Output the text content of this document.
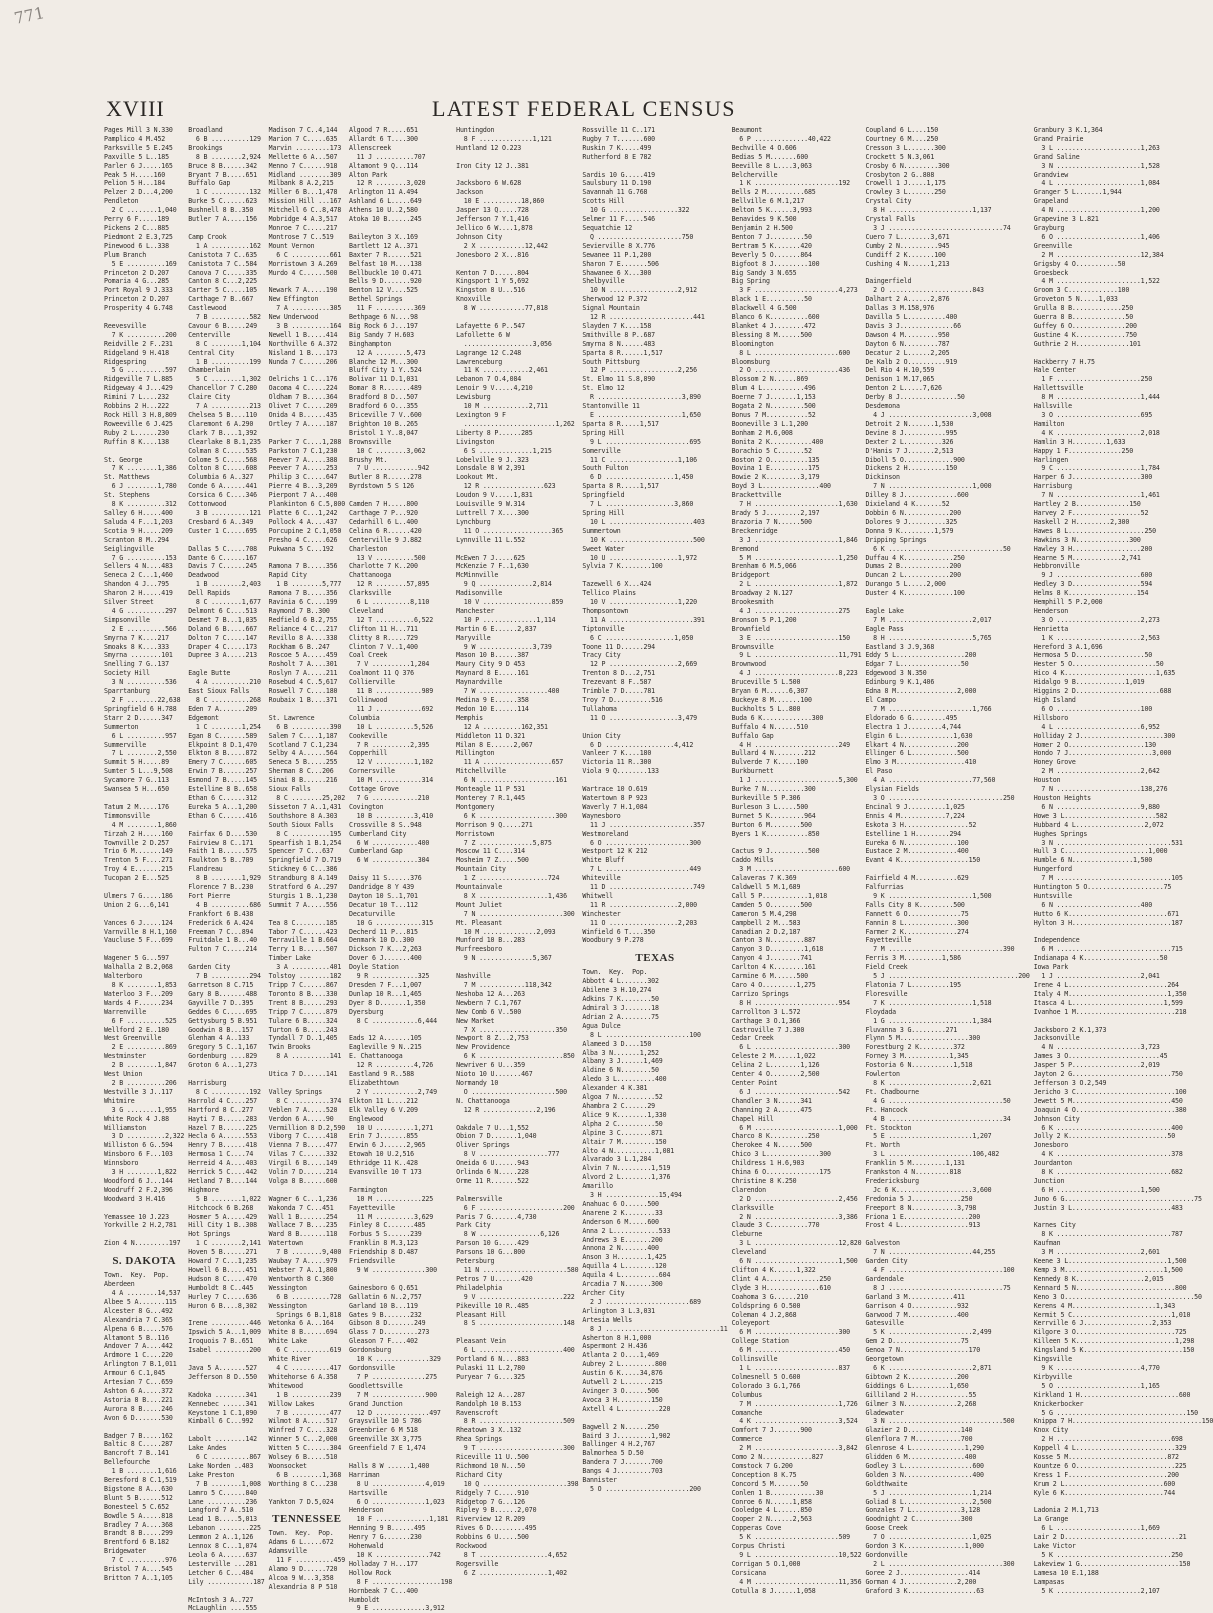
771
XVIII	LATEST FEDERAL CENSUS
Pages Mill 3 N.330
Pamplico 4 M.452
Parksville 5 E.245
Paxville 5 L..185
Parler 6 J.....165
Peak 5 H.....160
Pelion 5 H...184
Pelzer 2 D...4,200
Pendleton
2 C ........1,040
Perry 6 F.....189
Pickens 2 C...885
Piedmont 2 E.3,725
Pinewood 6 L..338
Plum Branch
5 E ..........169
Princeton 2 D.207
Pomaria 4 G...285
Port Royal 9 J.333
Princeton 2 D.207
Prosperity 4 G.748

Reevesville
7 K ..........200
Reidville 2 F..231
Ridgeland 9 H.418
Ridgespring
5 G ..........597
Ridgeville 7 L.885
Ridgeway 4 J...429
Rimini 7 L....232
Robbins 2 H...222
Rock Hill 3 H.8,809
Roweeville 6 J.425
Ruby 2 L......230
Ruffin 8 K....138

St. George
7 K ........1,386
St. Matthews
6 J ........1,780
St. Stephens
8 K ..........312
Salley 6 H.....400
Saluda 4 F...1,203
Scotia 9 H.....209
Scranton 8 M..294
Seiglingville
7 G ..........153
Sellers 4 N....483
Seneca 2 C...1,460
Shandon 4 J...795
Sharon 2 H.....419
Silver Street
4 G ..........297
Simpsonville
2 E ..........566
Smyrna 7 K....217
Smoaks 8 K....333
Smyrna ........101
Snelling 7 G..137
Society Hill
3 N ..........536
Sparrtanburg
2 F ........22,638
Springfield 6 H.788
Starr 2 D......347
Summerton
6 L ..........957
Summerville
7 L ........2,550
Summit 5 H.....89
Sumter 5 L...9,508
Sycamore 7 G..113
Swansea 5 H...650

Tatum 2 M.....176
Timmonsville
4 M ........1,860
Tirzah 2 H.....160
Townville 2 D.257
Trio 6 M.......149
Trenton 5 F....271
Troy 4 E.......215
Tucopan 2 E...525

Ulmers 7 G.....186
Union 2 G...6,141

Vances 6 J.....124
Varnville 8 H.1,160
Vaucluse 5 F...699

Wagener 5 G...597
Walhalla 2 B.2,068
Walterboro
8 K ........1,853
Waterloo 3 F...209
Wards 4 F......234
Warrenville
6 F ..........525
Wellford 2 E..180
West Greenville
2 E ..........869
Westminster
2 B ........1,847
West Union
2 B ..........206
Westville 3 J..117
Whitmire
3 G ........1,955
White Rock 4 J.88
Williamston
3 D ..........2,322
Williston 6 G..594
Winsboro 6 F...103
Winnsboro
3 H ........1,822
Woodford 6 J...144
Woodruff 2 F.2,396
Woodward 3 H.416

Yemassee 10 J.223
Yorkville 2 H.2,781

Zion 4 N.........197
S. DAKOTA
Town.  Key.  Pop.
Aberdeen
4 A ........14,537
Albee 5 A.......115
Alcester 8 G...492
Alexandria 7 C.365
Alpena 6 B.....576
Altamont 5 B..116
Andover 7 A....442
Ardmore 1 C....220
Arlington 7 B.1,011
Armour 6 C.1,045
Artesian 7 C...659
Ashton 6 A.....372
Astoria 8 B....221
Aurora 8 B.....246
Avon 6 D.......530

Badger 7 B.....162
Baltic 8 C.....287
Bancroft 7 B..141
Bellefourche
1 B ........1,616
Beresford 8 C.1,519
Bigstone 8 A...630
Blunt 5 B......512
Bonesteel 5 C.652
Bowdle 5 A.....818
Bradley 7 A....368
Brandt 8 B.....299
Brentford 6 B.182
Bridgewater
7 C ..........976
Bristol 7 A....545
Britton 7 A..1,105
Broadland
6 B ..........129
Brookings
8 B ........2,924
Bruce 8 B......342
Bryant 7 B.....651
Buffalo Gap
1 C ..........132
Burke 5 C......623
Bushnell 8 B..350
Butler 7 A.....156

Camp Crook
1 A ..........162
Canistota 7 C..635
Canistota 7 C..584
Canova 7 C.....335
Canton 8 C...2,225
Carter 5 C.....105
Carthage 7 B..667
Castlewood
7 B ..........582
Cavour 6 B.....249
Centerville
8 C ........1,104
Central City
1 B ..........199
Chamberlain
5 C ........1,302
Chancellor 7 C.280
Claire City
7 A ..........213
Chelsea 5 B....110
Claremont 6 A.290
Clark 7 B....1,392
Clearlake 8 B.1,235
Colman 8 C.....535
Colome 5 C.....568
Colton 8 C.....608
Columbia 6 A..327
Conde 6 A......441
Corsica 6 C....346
Cottonwood
3 B ..........121
Cresbard 6 A..349
Custer 1 C.....695

Dallas 5 C.....708
Dante 6 C......167
Davis 7 C......245
Deadwood
1 B ........2,403
Dell Rapids
8 C ........1,677
Delmont 6 C....513
Desmet 7 B...1,035
Doland 6 B.....667
Dolton 7 C.....147
Draper 4 C.....173
Dupree 3 A.....213

Eagle Butte
4 A ..........210
East Sioux Falls
8 C ..........268
Eden 7 A.......209
Edgemont
1 C ........1,254
Egan 8 C.......589
Elkpoint 8 D.1,470
Elkton 8 B.....872
Emery 7 C......605
Erwin 7 B......257
Esmond 7 B.....145
Estelline 8 B..658
Ethan 6 C......312
Eureka 5 A...1,200
Ethan 6 C......416

Fairfax 6 D....530
Fairview 8 C..171
Faith 1 B......575
Faulkton 5 B..709
Flandreau
8 B ........1,929
Florence 7 B..230
Fort Pierre
4 B ..........686
Frankfort 6 B.438
Frederick 6 A.424
Freeman 7 C...894
Fruitdale 1 B...40
Fulton 7 C.....214

Garden City
7 B ..........294
Garretson 8 C.715
Gary 8 B.......488
Gayville 7 D..395
Geddes 6 C.....695
Gettysburg 5 B.951
Goodwin 8 B...157
Glenham 4 A..133
Gregory 5 C..1,167
Gordenburg ....829
Groton 6 A...1,273

Harrisburg
8 C ..........192
Harrold 4 C....257
Hartford 8 C..277
Hayti 7 B......283
Hazel 7 B......225
Hecla 6 A......553
Henry 7 B......418
Hermosa 1 C....74
Herreid 4 A....403
Herrick 5 C....442
Hetland 7 B....144
Highmore
5 B ........1,022
Hitchcock 6 B.268
Hosmer 5 A.....429
Hill City 1 B..308
Hot Springs
1 C ........2,141
Hoven 5 B......271
Howard 7 C...1,235
Howell 6 B.....451
Hudson 8 C.....470
Humboldt 8 C..445
Hurley 7 C.....636
Huron 6 B....8,302

Irene ..........446
Ipswich 5 A...1,009
Iroquois 7 B..651
Isabel .........200

Java 5 A.......527
Jefferson 8 D..550

Kadoka ........341
Kennebec ......341
Keystone 1 C.1,890
Kimball 6 C...992

Labolt ........142
Lake Andes
6 C ..........867
Lake Norden ..403
Lake Preston
7 B ........1,008
Lamro 5 C......840
Lane ..........236
Langford 7 A..510
Lead 1 B.....5,013
Lebanon ........225
Lemmon 2 A..1,126
Lennox 8 C...1,074
Leola 6 A......637
Lesterville ...281
Letcher 6 C...484
Lily ............187

McIntosh 3 A..727
McLaughlin ....555
Madison 7 C..4,144
Marion 7 C.....635
Marvin .........173
Mellette 6 A...507
Menno 7 C......918
Midland ........309
Milbank 8 A.2,215
Miller 6 B...1,478
Mission Hill ...167
Mitchell 6 C..8,478
Mobridge 4 A.3,517
Monroe 7 C.....217
Montrose 7 C..519
Mount Vernon
6 C ..........661
Morristown 3 A.269
Murdo 4 C......500

Newark 7 A.....190
New Effington
7 A ..........305
New Underwood
3 B ..........164
Newell 1 B.....414
Northville 6 A.372
Nisland 1 B....173
Nunda 7 C......206

Oelrichs 1 C...176
Oacoma 4 C.....224
Oldham 7 B.....364
Olivet 7 C.....209
Onida 4 B......435
Ortley 7 A.....187

Parker 7 C....1,288
Parkston 7 C.1,230
Peever 7 A.....388
Peever 7 A.....253
Philip 3 C.....647
Pierre 4 B...3,209
Pierpont 7 A...400
Plankinton 6 C.5,800
Platte 6 C...1,242
Pollock 4 A....437
Porcupine 2 C.1,050
Presho 4 C.....626
Pukwana 5 C...192

Ramona 7 B.....356
Rapid City
1 B ........5,777
Ramona 7 B.....356
Ravinia 6 C....199
Raymond 7 B..300
Redfield 6 B.2,755
Reliance 4 C...217
Revillo 8 A....338
Rockham 6 B..247
Roscoe 5 A.....459
Rosholt 7 A....301
Roslyn 7 A.....211
Rosebud 4 C..5,617
Roswell 7 C....180
Roubaix 1 B....371

St. Lawrence
6 B ..........390
Salem 7 C....1,187
Scotland 7 C.1,234
Selby 4 A......564
Seneca 5 B.....255
Sherman 8 C...206
Sinai 8 B......216
Sioux Falls
8 C ........25,202
Sisseton 7 A..1,431
Southshore 8 A.303
South Sioux Falls
8 C ..........195
Spearfish 1 B.1,254
Spencer 7 C...637
Springfield 7 D.719
Stickney 6 C...386
Strandburg 8 A.149
Stratford 6 A..297
Sturgis 1 B..1,230
Summit 7 A.....556

Tea 8 C........185
Tabor 7 C......423
Terraville 1 B.664
Terry 1 B......507
Timber Lake
3 A ..........401
Tolstoy ........182
Tripp 7 C......867
Toronto 8 B....330
Trent 8 B......293
Tripp 7 C......879
Tulare 6 B.....324
Turton 6 B.....243
Tyndall 7 D..1,405
Twin Brooks
8 A ..........141

Utica 7 D......141

Valley Springs
8 C ..........374
Veblen 7 A.....520
Verdon 6 A.....90
Vermillion 8 D.2,590
Viborg 7 C.....418
Vienna 7 B.....477
Vilas 7 C......332
Virgil 6 B.....149
Volin 7 D......214
Volga 8 B......600

Wagner 6 C...1,236
Wakonda 7 C...451
Wall 1 B.......254
Wallace 7 B....235
Ward 8 B.......118
Watertown
7 B ........9,400
Waubay 7 A.....979
Webster 7 A..1,800
Wentworth 8 C.360
Wessington
6 B ..........728
Wessington
Springs 6 B.1,818
Wetonka 6 A...164
White 8 B......694
White Lake
6 C ..........619
White River
4 C ..........417
Whitehorse 6 A.358
Whitewood
1 B ..........239
Willow Lakes
7 B ..........477
Wilmot 8 A.....517
Winfred 7 C....328
Winner 5 C...2,000
Witten 5 C......304
Wolsey 6 B.....510
Woonsocket
6 B ........1,368
Worthing 8 C...238

Yankton 7 D.5,024
TENNESSEE
Town.  Key.  Pop.
Adams 6 L.....672
Adamsville
11 F ..........459
Alamo 9 D......720
Alcoa 9 W...3,358
Alexandria 8 P 510
Algood 7 R.....651
Allardt 6 T....300
Allenscreek
11 J ..........707
Altamont 9 Q...114
Alton Park
12 R ........3,020
Arlington 11 A.494
Ashland 6 L.....649
Athens 10 U..2,580
Atoka 10 B......245

Baileyton 3 X..169
Bartlett 12 A..371
Baxter 7 R......521
Belfast 10 M....138
Bellbuckle 10 O.471
Bells 9 D.......920
Benton 12 V....525
Bethel Springs
11 F ..........369
Bethpage 6 N....98
Big Rock 6 J...197
Big Sandy 7 H.603
Binghampton
12 A ........5,473
Blanche 12 M...300
Bluff City 1 Y..524
Bolivar 11 D.1,031
Bomar 8 R.......489
Bradford 8 D...507
Bradford 6 O...355
Briceville 7 V..600
Brighton 10 B..265
Bristol 1 Y..8,047
Brownsville
10 C ........3,062
Brushy Mt.
7 U ............942
Butler 8 R......278
Byrdstown 5 S 126

Camden 7 H.....800
Carthage 7 P...920
Cedarhill 6 L..400
Celina 6 R......420
Centerville 9 J.882
Charleston
13 V ..........500
Charlotte 7 K..200
Chattanooga
12 R ........57,895
Clarksville
6 L ..........8,110
Cleveland
12 T ..........6,522
Clifton 11 H...711
Clitty 8 R.....729
Clinton 7 V..1,400
Coal Creek
7 V ..........1,204
Coalmont 11 Q 376
Collierville
11 B ............989
Collinwood
11 J ............692
Columbia
10 L ..........5,526
Cookeville
7 R ..........2,395
Copperhill
12 V ..........1,102
Cornersville
10 M ............314
Cottage Grove
7 G ............210
Covington
10 B ..........3,410
Crossville 8 S..948
Cumberland City
6 W ............400
Cumberland Gap
6 W ............304

Daisy 11 S......376
Dandridge 8 Y 439
Dayton 10 S..1,701
Decatur 10 T...112
Decaturville
10 G ............315
Decherd 11 P...815
Denmark 10 D..300
Dickson 7 K...2,263
Dover 6 J.......400
Doyle Station
9 R ............325
Dresden 7 F...1,007
Dunlap 10 R...1,465
Dyer 8 D.......1,350
Dyersburg
8 C ............6,444

Eads 12 A.......105
Eagleville 9 N..215
E. Chattanooga
12 R ..........4,726
Eastland 9 R..588
Elizabethtown
2 Y ............2,749
Elkton 11 L....212
Elk Valley 6 V.209
Englewood
10 U ..........1,271
Erin 7 J.......855
Erwin 6 J......2,965
Etowah 10 U.2,516
Ethridge 11 K..428
Evansville 10 T 173

Farmington
10 M ............225
Fayetteville
11 M ..........3,629
Finley 8 C.......485
Forbus 5 S......239
Franklin 8 M.3,123
Friendship 8 D.487
Friendsville
9 W ..............300

Gainesboro 6 Q.651
Gallatin 6 N..2,757
Garland 10 B...119
Gates 9 B.......232
Gibson 8 D.......249
Glass 7 D.........273
Gleason 7 F....402
Gordonsburg
10 K ..............329
Gordonsville
7 P ..............275
Goodlettsville
7 M ..............900
Grand Junction
12 D ..............497
Graysville 10 S 786
Greenbrier 6 M 518
Greenville 3X 3,775
Greenfield 7 E 1,474

Halls 8 W ......1,400
Harriman
8 U ..............4,019
Hartsville
6 O ..............1,023
Henderson
10 F ..............1,181
Henning 9 B......495
Henry 7 G.......230
Hohenwald
10 K ..............742
Holladay 7 H...177
Hollow Rock
8 F ..................198
Hornbeak 7 C...400
Humboldt
9 E ..............3,912
Huntingdon
8 F ..............1,121
Huntland 12 O.223

Iron City 12 J..381

Jacksboro 6 W.628
Jackson
10 E ..........18,860
Jasper 13 Q.....728
Jefferson 7 Y.1,416
Jellico 6 W....1,878
Johnson City
2 X ............12,442
Jonesboro 2 X...816

Kenton 7 D......804
Kingsport 1 Y 5,692
Kingston 8 U...516
Knoxville
8 W ............77,818

Lafayette 6 P..547
Lafollette 6 W
..................3,056
Lagrange 12 C.248
Lawrenceburg
11 K ............2,461
Lebanon 7 O.4,084
Lenoir 9 V.....4,210
Lewisburg
10 M ............2,711
Lexington 9 F
........................1,262
Liberty 8 P......285
Livingston
6 S ..............1,215
Lobelville 9 J..323
Lonsdale 8 W 2,391
Lookout Mt.
12 R ................623
Loudon 9 V.....1,831
Louisville 9 W.314
Luttrell 7 X....300
Lynchburg
11 O ..................365
Lynnville 11 L.552

McEwen 7 J.....625
McKenzie 7 F..1,630
McMinnville
9 Q ..............2,814
Madisonville
10 V ..................859
Manchester
10 P ..............1,114
Martin 6 E......2,837
Maryville
9 W ..............3,739
Mason 10 B......387
Maury City 9 D 453
Maynard 8 E.....161
Maynardville
7 W ..................400
Medina 9 E......358
Medon 10 E......114
Memphis
12 A ..........162,351
Middleton 11 D.321
Milan 8 E......2,067
Millington
11 A ..................657
Mitchellville
6 N ....................161
Monteagle 11 P 531
Monterey 7 R.1,445
Montgomery
6 K ....................300
Morrison 9 Q.....271
Morristown
7 Z ..............5,875
Moscow 11 C....314
Mosheim 7 Z.....500
Mountain City
1 Z ..................724
Mountainvale
8 X ..................1,436
Mount Juliet
7 N ......................300
Mt. Pleasant
10 M ..............2,093
Munford 10 B...283
Murfreesboro
9 N ..............5,367

Nashville
7 M ............118,342
Neshoba 12 A...263
Newbern 7 C.1,767
New Comb 6 V..500
New Market
7 X ....................350
Newport 8 Z...2,753
New Providence
6 K ......................850
Newriver 6 U...359
Nioto 10 U.......467
Normandy 10
O ......................500
N. Chattanooga
12 R ..............2,196

Oakdale 7 U...1,552
Obion 7 D.......1,040
Oliver Springs
8 V ..................777
Oneida 6 U......943
Orlinda 6 N.....228
Orme 11 R.......522

Palmersville
6 F ......................200
Paris 7 G.......4,730
Park City
8 W ................6,126
Parson 10 G.....429
Parsons 10 G...800
Petersburg
11 N ......................580
Petros 7 U.......420
Philadelphia
9 V ......................222
Pikeville 10 R..485
Pleasant Hill
8 S ......................148

Pleasant Vein
6 L ......................400
Portland 6 N....883
Pulaski 11 L.2,780
Puryear 7 G....325

Raleigh 12 A...287
Randolph 10 B.153
Ravenscroft
8 R ......................509
Rheatown 3 X..132
Rhea Springs
9 T ......................300
Riceville 11 U..500
Richmond 10 N...50
Richard City
10 Q ......................398
Ridgely 7 C.....910
Ridgetop 7 G...126
Ripley 9 B......2,070
Riverview 12 R.209
Rives 6 D.........495
Robbins 6 U.....500
Rockwood
8 T ..................4,652
Rogersville
6 Z ..................1,402
Rossville 11 C..171
Rugby 7 T.......600
Ruskin 7 K.....499
Rutherford 8 E 782

Sardis 10 G.....419
Saulsbury 11 D.190
Savannah 11 G.768
Scotts Hill
10 G ..................322
Selmer 11 F.....546
Sequatchie 12
Q ......................750
Sevierville 8 X.776
Sewanee 11 P.1,200
Sharon 7 E.......506
Shawanee 6 X...300
Shelbyville
10 N ..................2,912
Sherwood 12 P.372
Signal Mountain
12 R ......................441
Slayden 7 K....158
Smithville 8 P..687
Smyrna 8 N......483
Sparta 8 R......1,517
South Pittsburg
12 P ..................2,256
St. Elmo 11 S.8,890
St. Elmo 12
R ......................3,890
Stantonville 11
E ......................1,650
Sparta 8 R.....1,517
Spring Hill
9 L ......................695
Somerville
11 C ..................1,106
South Fulton
6 D ..................1,450
Sparta 8 R.....1,517
Springfield
7 L ..................3,860
Spring Hill
10 L ......................403
Summertown
10 K ......................500
Sweet Water
10 U ..................1,972
Sylvia 7 K........100

Tazewell 6 X...424
Tellico Plains
10 V ..................1,220
Thompsontown
11 A ......................391
Tiptonville
6 C ..................1,050
Toone 11 D......294
Tracy City
12 P ..................2,669
Trenton 8 D...2,751
Trezevant 8 F..587
Trimble 7 D.....781
Troy 7 D..........516
Tullahoma
11 O ..................3,479

Union City
6 D ..................4,412
Vanleer 7 K....180
Victoria 11 R..300
Viola 9 Q........133

Wartrace 10 O.619
Watertown 8 P 923
Waverly 7 H.1,084
Waynesboro
11 J ......................357
Westmoreland
6 O ......................300
Westport 12 K 212
White Bluff
7 L ......................449
Whiteville
11 D ......................749
Whitwell
11 R ..................2,000
Winchester
11 O ..................2,203
Winfield 6 T....350
Woodbury 9 P.278
TEXAS
Town.  Key.  Pop.
Abbott 4 L.......302
Abilene 3 H.10,274
Adkins 7 K........50
Admiral 3 J.......18
Adrian 2 A........75
Agua Dulce
8 L ......................100
Alameed 3 D....150
Alba 3 N.......1,252
Albany 3 J......1,469
Aldine 6 N........50
Aledo 3 L..........400
Alexander 4 K.381
Algoa 7 N..........52
Ahambra 2 C......29
Alice 9 K........1,330
Alpha 2 C..........50
Alpine 3 C........871
Altair 7 M.........150
Alto 4 N...........1,081
Alvarado 3 L.1,284
Alvin 7 N.........1,519
Alvord 2 L........1,376
Amarillo
3 H ..............15,494
Anahuac 6 O......500
Anarene 2 K........33
Anderson 6 M.....600
Anna 2 L............533
Andrews 3 E.......200
Annona 2 N.......400
Anson 3 H........1,425
Aquilla 4 L........120
Aquila 4 L..........604
Arcadia 7 N.......300
Archer City
2 J ......................689
Arlington 3 L.3,031
Artesia Wells
8 J ..............................11
Asherton 8 H.1,000
Aspermont 2 H.436
Atlanta 2 O....1,469
Aubrey 2 L.........800
Austin 6 K.....34,876
Autwell 2 L.......215
Avinger 3 O......506
Avoca 3 H.........150
Axtell 4 L..........220

Bagwell 2 N......250
Baird 3 J.........1,902
Ballinger 4 H.2,767
Balmorhea 5 D.50
Bandera 7 J.......700
Bangs 4 J.........703
Bannister
5 O ......................200
Beaumont
6 P ..............40,422
Bechville 4 O.606
Bedias 5 M.......600
Beeville 8 L....3,063
Belcherville
1 K ......................192
Bells 2 M..........685
Bellville 6 M.1,217
Belton 5 K......3,993
Benavides 9 K.500
Benjamin 2 H.500
Benton 7 J.........50
Bertram 5 K.......420
Beverly 5 O.......864
Bigfoot 8 J.........100
Big Sandy 3 N.655
Big Spring
3 F ......................4,273
Black 1 E..........50
Blackwell 4 G.500
Blanco 6 K..........600
Blanket 4 J........472
Blessing 8 M......500
Bloomington
8 L ......................600
Bloomsburg
2 O ......................436
Blossom 2 N......869
Blum 4 L...........496
Boerne 7 J.......1,153
Bogata 2 N.........500
Bonus 7 M...........52
Booneville 3 L.1,200
Bonham 2 M.6,008
Bonita 2 K...........400
Borachio 5 C.......52
Boston 2 O..........135
Bovina 1 E..........175
Bowie 2 K.........3,179
Boyd 3 L...............400
Brackettville
7 H ......................1,630
Brady 5 J.........2,197
Brazoria 7 N......500
Breckenridge
3 J ......................1,846
Bremond
5 M ......................1,250
Brenham 6 M.5,066
Bridgeport
2 L ......................1,872
Broadway 2 N.127
Brookesmith
4 J ......................275
Bronson 5 P.1,200
Brownfield
3 E ......................150
Brownsville
9 L ......................11,791
Brownwood
4 J ......................8,223
Bruceville 5 L.500
Bryan 6 M......6,307
Buckeye 8 M.......100
Buckholts 5 L..800
Buda 6 K.............300
Buffalo 4 N......510
Buffalo Gap
4 H ......................249
Bullard 4 N........212
Bulverde 7 K.....100
Burkburnett
1 J ......................5,300
Burke 7 N..........300
Burkeville 5 P.306
Burleson 3 L.....500
Burnet 5 K.........964
Burton 6 M........500
Byers 1 K...........850

Cactus 9 J..........500
Caddo Mills
3 M ......................600
Calaveras 7 K.369
Caldwell 5 M.1,689
Call 5 P............1,018
Camden 5 O........500
Cameron 5 M.4,298
Campbell 2 M...583
Canadian 2 D.2,187
Canton 3 N.........887
Canyon 3 D.........1,618
Canyon 4 J........741
Carlton 4 K........161
Carmine 6 M......500
Caro 4 O.........1,275
Carrizo Springs
8 H ......................954
Carrollton 3 L.572
Carthage 3 O.1,366
Castroville 7 J.300
Cedar Creek
6 L ......................300
Celeste 2 M......1,022
Celina 2 L........1,126
Center 4 O........2,500
Center Point
6 J ......................542
Chandler 3 N......341
Channing 2 A......475
Chapel Hill
6 M ......................1,000
Charco 8 K..........250
Cherokee 4 N......500
Chico 3 L..............300
Childress 1 H.6,903
China 6 O..............175
Christine 8 K.250
Clarendon
2 D ......................2,456
Clarksville
2 N ......................3,386
Claude 3 C..........770
Cleburne
3 L ......................12,820
Cleveland
6 N ......................1,500
Clifton 4 K......1,322
Clint 4 A..............250
Clyde 3 H..............610
Coahoma 3 G......210
Coldspring 6 O.500
Coleman 4 J.2,868
Coleyeport
6 M ......................300
College Station
6 M ......................450
Collinsville
1 L ......................837
Colmesnell 5 O.600
Colorado 3 G.1,766
Columbus
7 M ......................1,726
Comanche
4 K ......................3,524
Comfort 7 J.......900
Commerce
2 M ......................3,842
Como 2 N.............827
Comstock 7 G.200
Conception 8 K.75
Concord 5 M.......50
Conlen 1 B............30
Conroe 6 N......1,858
Cooledge 4 L......850
Cooper 2 N......2,563
Copperas Cove
5 K ......................509
Corpus Christi
9 L ......................10,522
Corrigan 5 O.1,000
Corsicana
4 M ......................11,356
Cotulla 8 J......1,058
Coupland 6 L....150
Courtney 6 M....250
Cresson 3 L.......300
Crockett 5 N.3,061
Crosby 6 N.........300
Crosbyton 2 G..808
Crowell 1 J.....1,175
Crowley 3 L.......250
Crystal City
8 H ......................1,137
Crystal Falls
3 J ..............................74
Cuero 7 L........3,671
Cumby 2 N..........945
Cundiff 2 K.......100
Cushing 4 N......1,213

Daingerfield
2 O ......................843
Dalhart 2 A......2,876
Dallas 3 M.158,976
Davilla 5 L..........400
Davis 3 J..............66
Dawson 4 M.........950
Dayton 6 N.........787
Decatur 2 L......2,205
De Kalb 2 O..........919
Del Rio 4 H.10,559
Denison 1 M.17,065
Denton 2 L.....7,626
Derby 8 J...............50
Desdemona
4 J ......................3,008
Detroit 2 N.......1,530
Devine 8 J...........995
Dexter 2 L..........326
D'Hanis 7 J.......2,513
Diboll 5 O.............900
Dickens 2 H..........150
Dickinson
7 N ......................1,000
Dilley 8 J..............600
Dixieland 4 K.......52
Dobbin 6 N............200
Dolores 9 J..........325
Donna 9 K.........1,579
Dripping Springs
6 K ..............................50
Duffau 4 K.............250
Dumas 2 B.............200
Duncan 2 L............200
Durango 5 L.....2,000
Duster 4 K.............100

Eagle Lake
7 M ......................2,017
Eagle Pass
8 H ......................5,765
Eastland 3 J.9,368
Eddy 5 L..................200
Edgar 7 L................50
Edgewood 3 N.350
Edinburg 9 K.1,406
Edna 8 M................2,000
El Campo
7 M ......................1,766
Eldorado 6 G.........495
Electra 1 J.........4,744
Elgin 6 L..............1,630
Elkart 4 N..............200
Ellinger 6 L............500
Elmo 3 M..................410
El Paso
4 A ......................77,560
Elysian Fields
3 O ..............................250
Encinal 9 J..........1,025
Ennis 4 M............7,224
Eskota 3 H.................52
Estelline 1 H.........294
Eureka 6 N..............100
Eustace 2 M.............400
Evant 4 K..................150

Fairfield 4 M...........629
Falfurrias
9 K ......................1,500
Falls City 8 K.........500
Fannett 6 O..............75
Fannin 8 L..............300
Farmer 2 K..............274
Fayetteville
7 M ..............................390
Ferris 3 M..........1,586
Field Creek
5 J ..................................200
Flatonia 7 L..........195
Floresville
7 K ......................1,518
Floydada
1 G ......................1,384
Fluvanna 3 G.........271
Flynn 5 M..................300
Forestburg 2 K.........372
Forney 3 M............1,345
Fostoria 6 N...........1,518
Fowlerton
8 K ......................2,621
Ft. Chadbourne
4 G ..............................50
Ft. Hancock
4 B ..............................34
Ft. Stockton
5 E ......................1,207
Ft. Worth
3 L ......................106,482
Franklin 5 M.........1,131
Frankston 4 N.........818
Fredericksburg
Jc 6 K....................3,600
Fredonia 5 J.............250
Freeport 8 N............3,798
Friona 1 E.................200
Frost 4 L..................913

Galveston
7 N ......................44,255
Garden City
4 F ..............................100
Gardendale
8 J ..............................75
Garland 3 M............411
Garrison 4 O............932
Garwood 7 M.............400
Gatesville
5 K ......................2,499
Gem 2 D..................75
Genoa 7 N..................170
Georgetown
6 K ......................2,871
Gibtown 2 K.............200
Giddings 6 L..........1,650
Gilliland 2 H..............55
Gilmer 3 N..............2,268
Gladewater
3 N ..............................500
Glazier 2 D..............140
Glenflora 7 M............700
Glenrose 4 L..............1,290
Glidden 6 M...............400
Godley 3 L..................600
Golden 3 N..................400
Goldthwaite
5 J ......................1,214
Goliad 8 L..................2,500
Gonzales 7 L.............3,128
Goodnight 2 C............300
Goose Creek
7 O ......................1,025
Gordon 3 K................1,000
Gordonville
2 L ..............................300
Goree 2 J..................414
Gorman 4 J..............2,200
Graford 3 K..................63
Granbury 3 K.1,364
Grand Prairie
3 L ......................1,263
Grand Saline
3 N ......................1,528
Grandview
4 L ......................1,084
Granger 5 L.......1,944
Grapeland
4 N ......................1,200
Grapevine 3 L.821
Grayburg
6 O ......................1,406
Greenville
2 M ......................12,384
Grigsby 4 O...........50
Groesbeck
4 M ......................1,522
Groom 3 C.............100
Groveton 5 N.....1,033
Grulla 8 B.............250
Guerra 8 B..............50
Guffey 6 O..............200
Gustine 4 K.............750
Guthrie 2 H..............101

Hackberry 7 H.75
Hale Center
1 F ......................250
Hallettsville
8 M ......................1,444
Hallsville
3 O ......................695
Hamilton
4 K ......................2,018
Hamlin 3 H.........1,633
Happy 1 F..............250
Harlingen
9 C ......................1,784
Harper 6 J..................300
Harrisburg
7 N ......................1,461
Hartley 2 B..............150
Harvey 2 F..................52
Haskell 2 H.........2,300
Hawes 8 L....................250
Hawkins 3 N..............300
Hawley 3 H..................200
Hearne 5 M.............2,741
Hebbronville
9 J ......................600
Hedley 3 D..................594
Helms 8 K..................154
Hemphill 5 P.2,000
Henderson
3 O ......................2,273
Henrietta
1 K ......................2,563
Hereford 3 A.1,696
Hermosa 5 D..................50
Hester 5 O......................50
Hico 4 K........................1,635
Hidalgo 9 B.............1,019
Higgins 2 D......................688
High Island
6 O ......................100
Hillsboro
4 L ......................6,952
Holliday 2 J......................300
Homer 2 O....................130
Hondo 7 J......................3,000
Honey Grove
2 M ......................2,642
Houston
7 N ......................138,276
Houston Heights
6 N ......................9,880
Howe 3 L........................582
Hubbard 4 L..................2,072
Hughes Springs
3 N ..............................531
Hull 3 C......................1,000
Humble 6 N................1,500
Hungerford
7 M ..............................105
Huntington 5 O....................75
Huntsville
6 N ......................400
Hutto 6 K..........................671
Hylton 3 H..........................187

Independence
6 M ..............................715
Indianapa 4 K....................50
Iowa Park
1 J ......................2,041
Irene 4 L..........................264
Italy 4 M..........................1,350
Itasca 4 L........................1,599
Ivanhoe 1 M..........................218

Jacksboro 2 K.1,373
Jacksonville
4 N ......................3,723
James 3 O........................45
Jasper 5 P..................2,019
Jayton 2 G..........................750
Jefferson 3 O.2,549
Jericho 3 C..........................100
Jewett 5 M..........................450
Joaquin 4 O..........................380
Johnson City
6 K ..............................400
Jolly 2 K..........................50
Jonesboro
4 K ..............................378
Jourdanton
8 K ..............................682
Junction
6 H ......................1,500
Juno 6 G..................................75
Justin 3 L..........................483

Karnes City
8 K ..............................787
Kaufman
3 M ......................2,601
Keene 3 L..........................1,500
Kemp 3 M..........................1,500
Kennedy 8 K..................2,015
Kennard 5 N..........................800
Keno 3 O..................................50
Kerens 4 M......................1,343
Kermit 5 C..........................1,010
Kerrville 6 J..................2,353
Kilgore 3 O..........................725
Killeen 5 K..........................1,298
Kingsland 5 K..........................150
Kingsville
9 K ......................4,770
Kirbyville
5 O ......................1,165
Kirkland 1 H..........................600
Knickerbocker
5 G ..................................150
Knippa 7 H..................................150
Knox City
2 H ..............................698
Koppell 4 L..........................329
Kosse 5 M..........................872
Kountze 6 O..........................225
Kress 1 F..........................200
Krum 2 L..........................600
Kyle 6 K..........................744

Ladonia 2 M.1,713
La Grange
6 L ......................1,669
Lair 2 D..............................21
Lake Victor
5 K ..............................250
Lakeview 1 G..........................150
Lamesa 10 E.1,188
Lampasas
5 K ......................2,107
